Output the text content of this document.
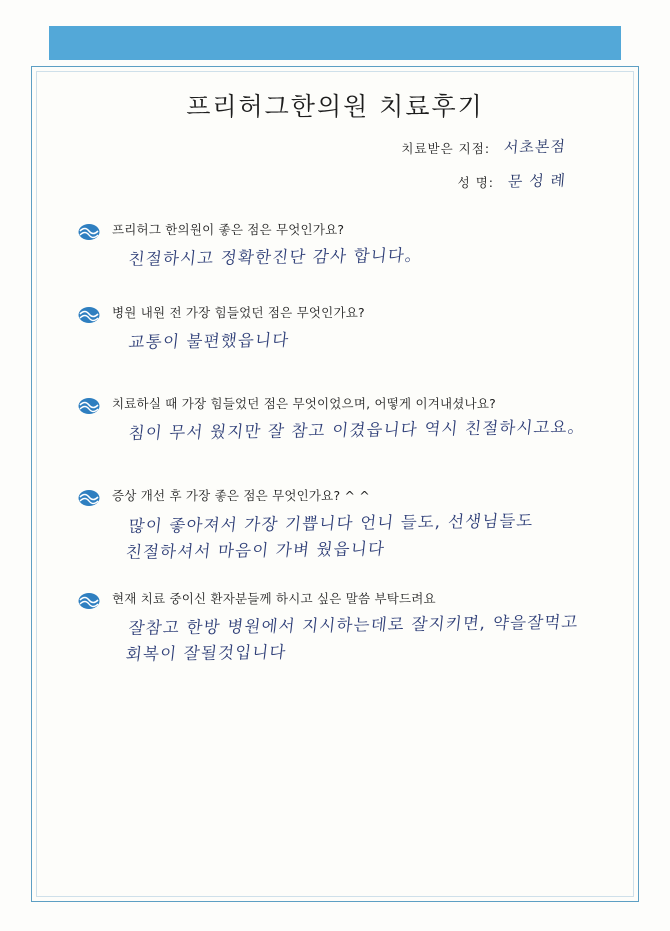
프리허그한의원 치료후기
치료받은 지점: 서초본점
성 명: 문 성 례
프리허그 한의원이 좋은 점은 무엇인가요?
친절하시고 정확한진단 감사 합니다。
병원 내원 전 가장 힘들었던 점은 무엇인가요?
교통이 불편했읍니다
치료하실 때 가장 힘들었던 점은 무엇이었으며, 어떻게 이겨내셨나요?
침이 무서 웠지만 잘 참고 이겼읍니다 역시 친절하시고요。
증상 개선 후 가장 좋은 점은 무엇인가요? ^ ^
많이 좋아져서 가장 기쁩니다 언니 들도, 선생님들도
친절하셔서 마음이 가벼 웠읍니다
현재 치료 중이신 환자분들께 하시고 싶은 말씀 부탁드려요
잘참고 한방 병원에서 지시하는데로 잘지키면, 약을잘먹고
회복이 잘될것입니다
